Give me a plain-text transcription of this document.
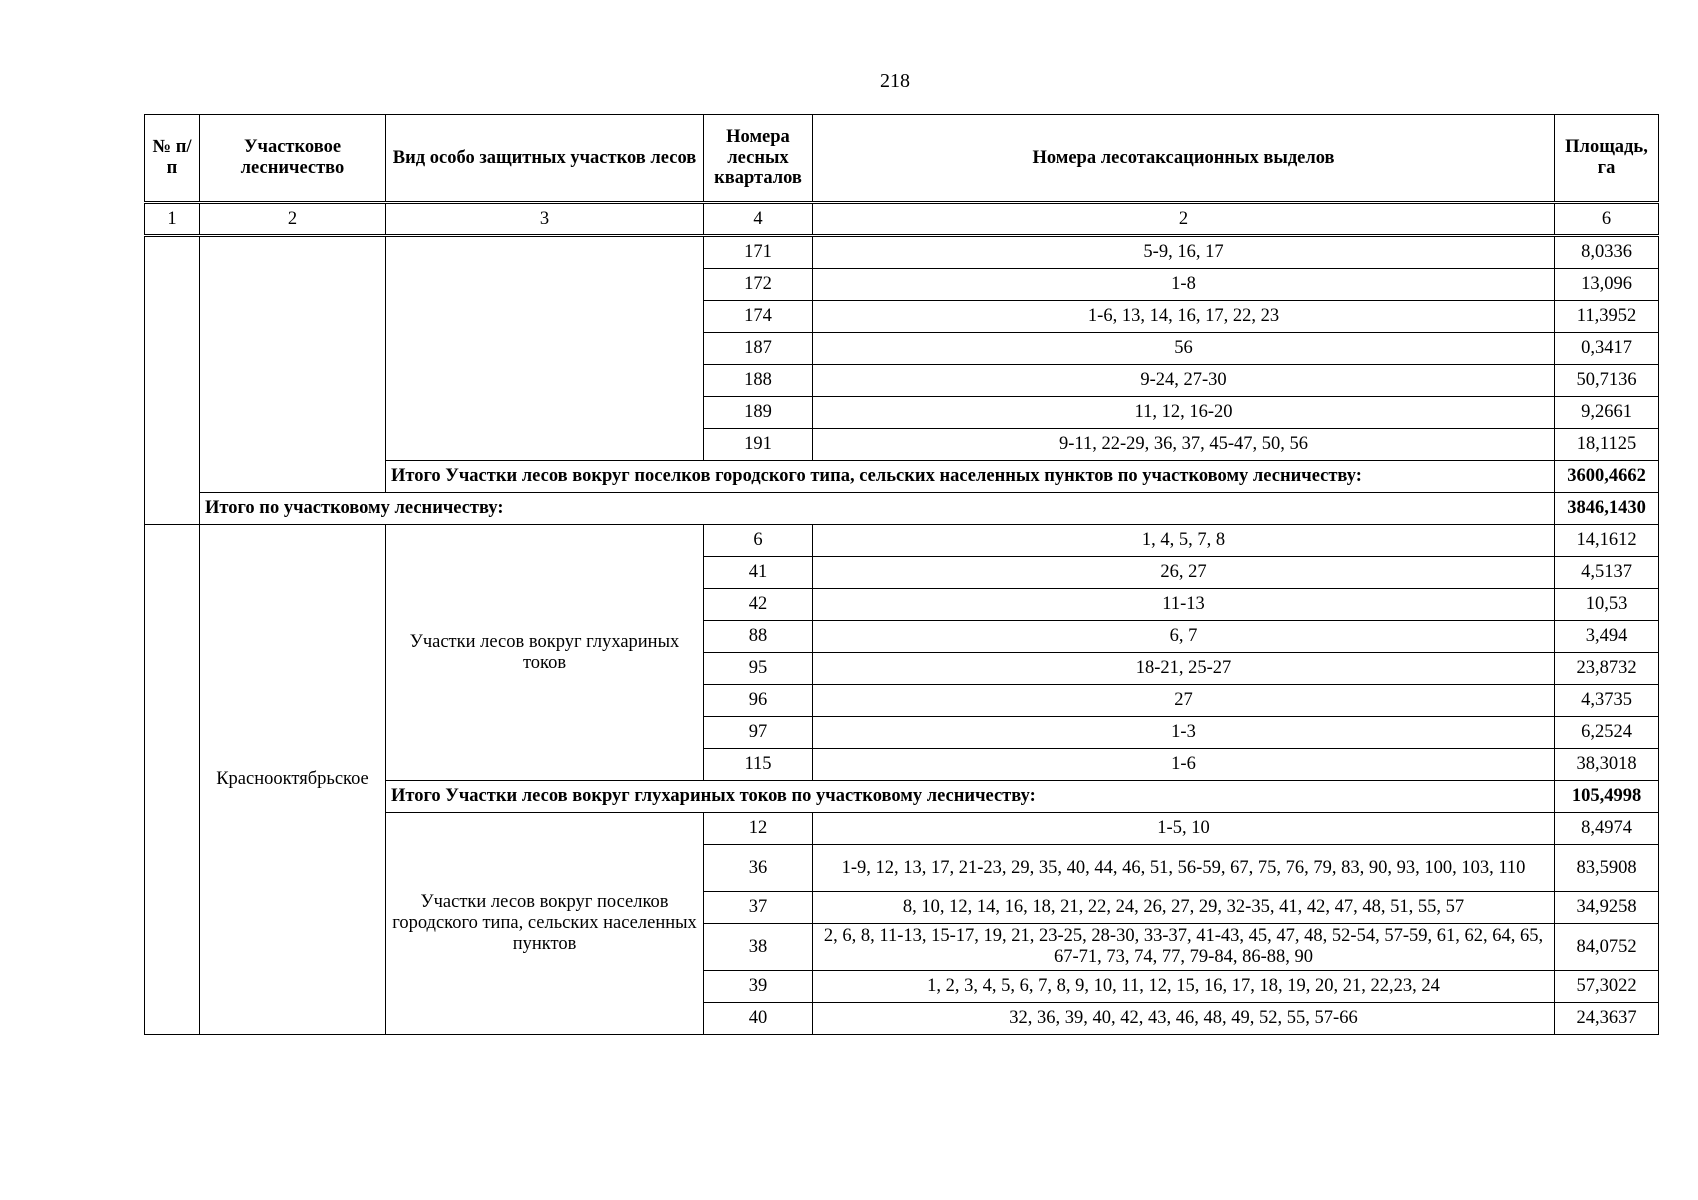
218
№ п/п	Участковое лесничество	Вид особо защитных участков лесов	Номера лесных кварталов	Номера лесотаксационных выделов	Площадь, га
1	2	3	4	2	6
			171	5-9, 16, 17	8,0336
			172	1-8	13,096
			174	1-6, 13, 14, 16, 17, 22, 23	11,3952
			187	56	0,3417
			188	9-24, 27-30	50,7136
			189	11, 12, 16-20	9,2661
			191	9-11, 22-29, 36, 37, 45-47, 50, 56	18,1125
		Итого Участки лесов вокруг поселков городского типа, сельских населенных пунктов по участковому лесничеству:			3600,4662
	Итого по участковому лесничеству:				3846,1430
	Краснооктябрьское	Участки лесов вокруг глухариных токов	6	1, 4, 5, 7, 8	14,1612
			41	26, 27	4,5137
			42	11-13	10,53
			88	6, 7	3,494
			95	18-21, 25-27	23,8732
			96	27	4,3735
			97	1-3	6,2524
			115	1-6	38,3018
		Итого Участки лесов вокруг глухариных токов по участковому лесничеству:			105,4998
		Участки лесов вокруг поселков городского типа, сельских населенных пунктов	12	1-5, 10	8,4974
			36	1-9, 12, 13, 17, 21-23, 29, 35, 40, 44, 46, 51, 56-59, 67, 75, 76, 79, 83, 90, 93, 100, 103, 110	83,5908
			37	8, 10, 12, 14, 16, 18, 21, 22, 24, 26, 27, 29, 32-35, 41, 42, 47, 48, 51, 55, 57	34,9258
			38	2, 6, 8, 11-13, 15-17, 19, 21, 23-25, 28-30, 33-37, 41-43, 45, 47, 48, 52-54, 57-59, 61, 62, 64, 65, 67-71, 73, 74, 77, 79-84, 86-88, 90	84,0752
			39	1, 2, 3, 4, 5, 6, 7, 8, 9, 10, 11, 12, 15, 16, 17, 18, 19, 20, 21, 22,23, 24	57,3022
			40	32, 36, 39, 40, 42, 43, 46, 48, 49, 52, 55, 57-66	24,3637
